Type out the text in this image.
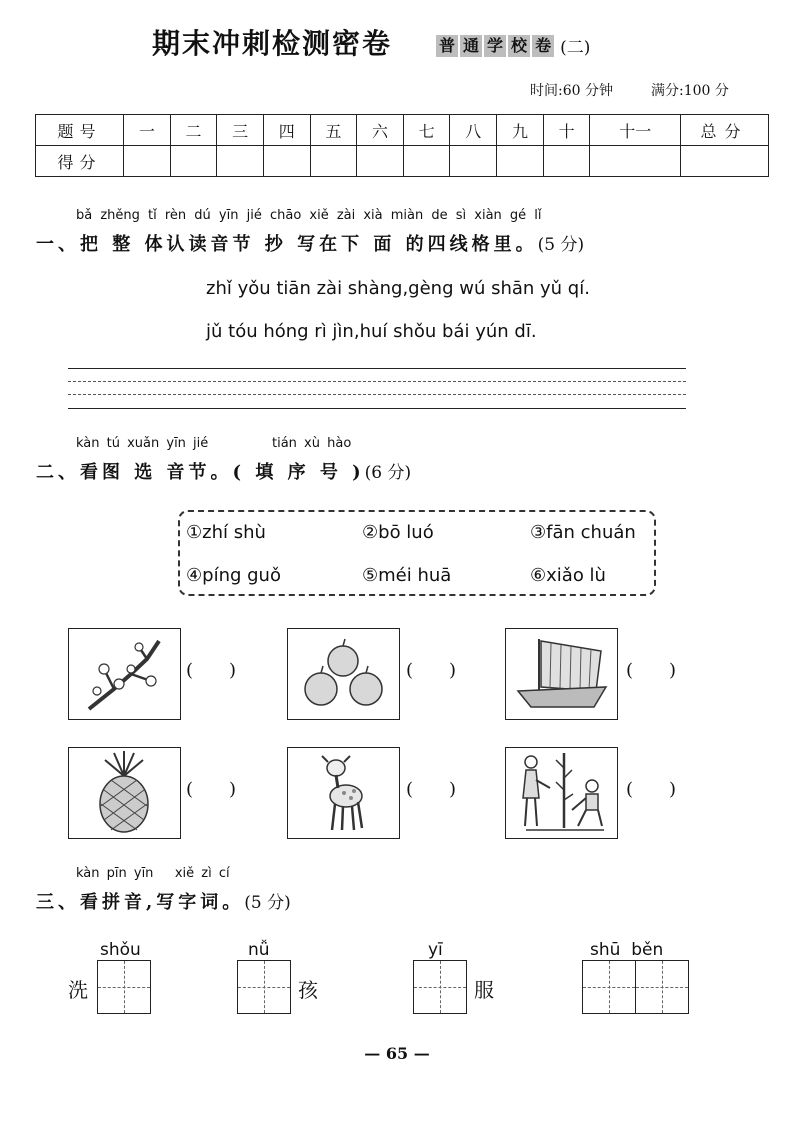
期末冲刺检测密卷	普 通 学 校 卷 (二)
时间:60 分钟	满分:100 分
题号	一	二	三	四	五	六	七	八	九	十	十一	总分
得分												
bǎ zhěng tǐ rèn dú yīn jié chāo xiě zài xià miàn de sì xiàn gé lǐ
一、把 整 体认读音节 抄 写在下 面 的四线格里。(5 分)
zhǐ yǒu tiān zài shàng,gèng wú shān yǔ qí.
jǔ tóu hóng rì jìn,huí shǒu bái yún dī.
kàn tú xuǎn yīn jié	tián xù hào
二、看图 选 音节。( 填 序 号 )(6 分)
①zhí shù	②bō luó	③fān chuán
④píng guǒ	⑤méi huā	⑥xiǎo lù
(　　)	(　　)	(　　)
(　　)	(　　)	(　　)
kàn pīn yīn   xiě zì cí
三、看拼音,写字词。(5 分)
shǒu
洗
nǚ
孩
yī
服
shū  běn
— 65 —
